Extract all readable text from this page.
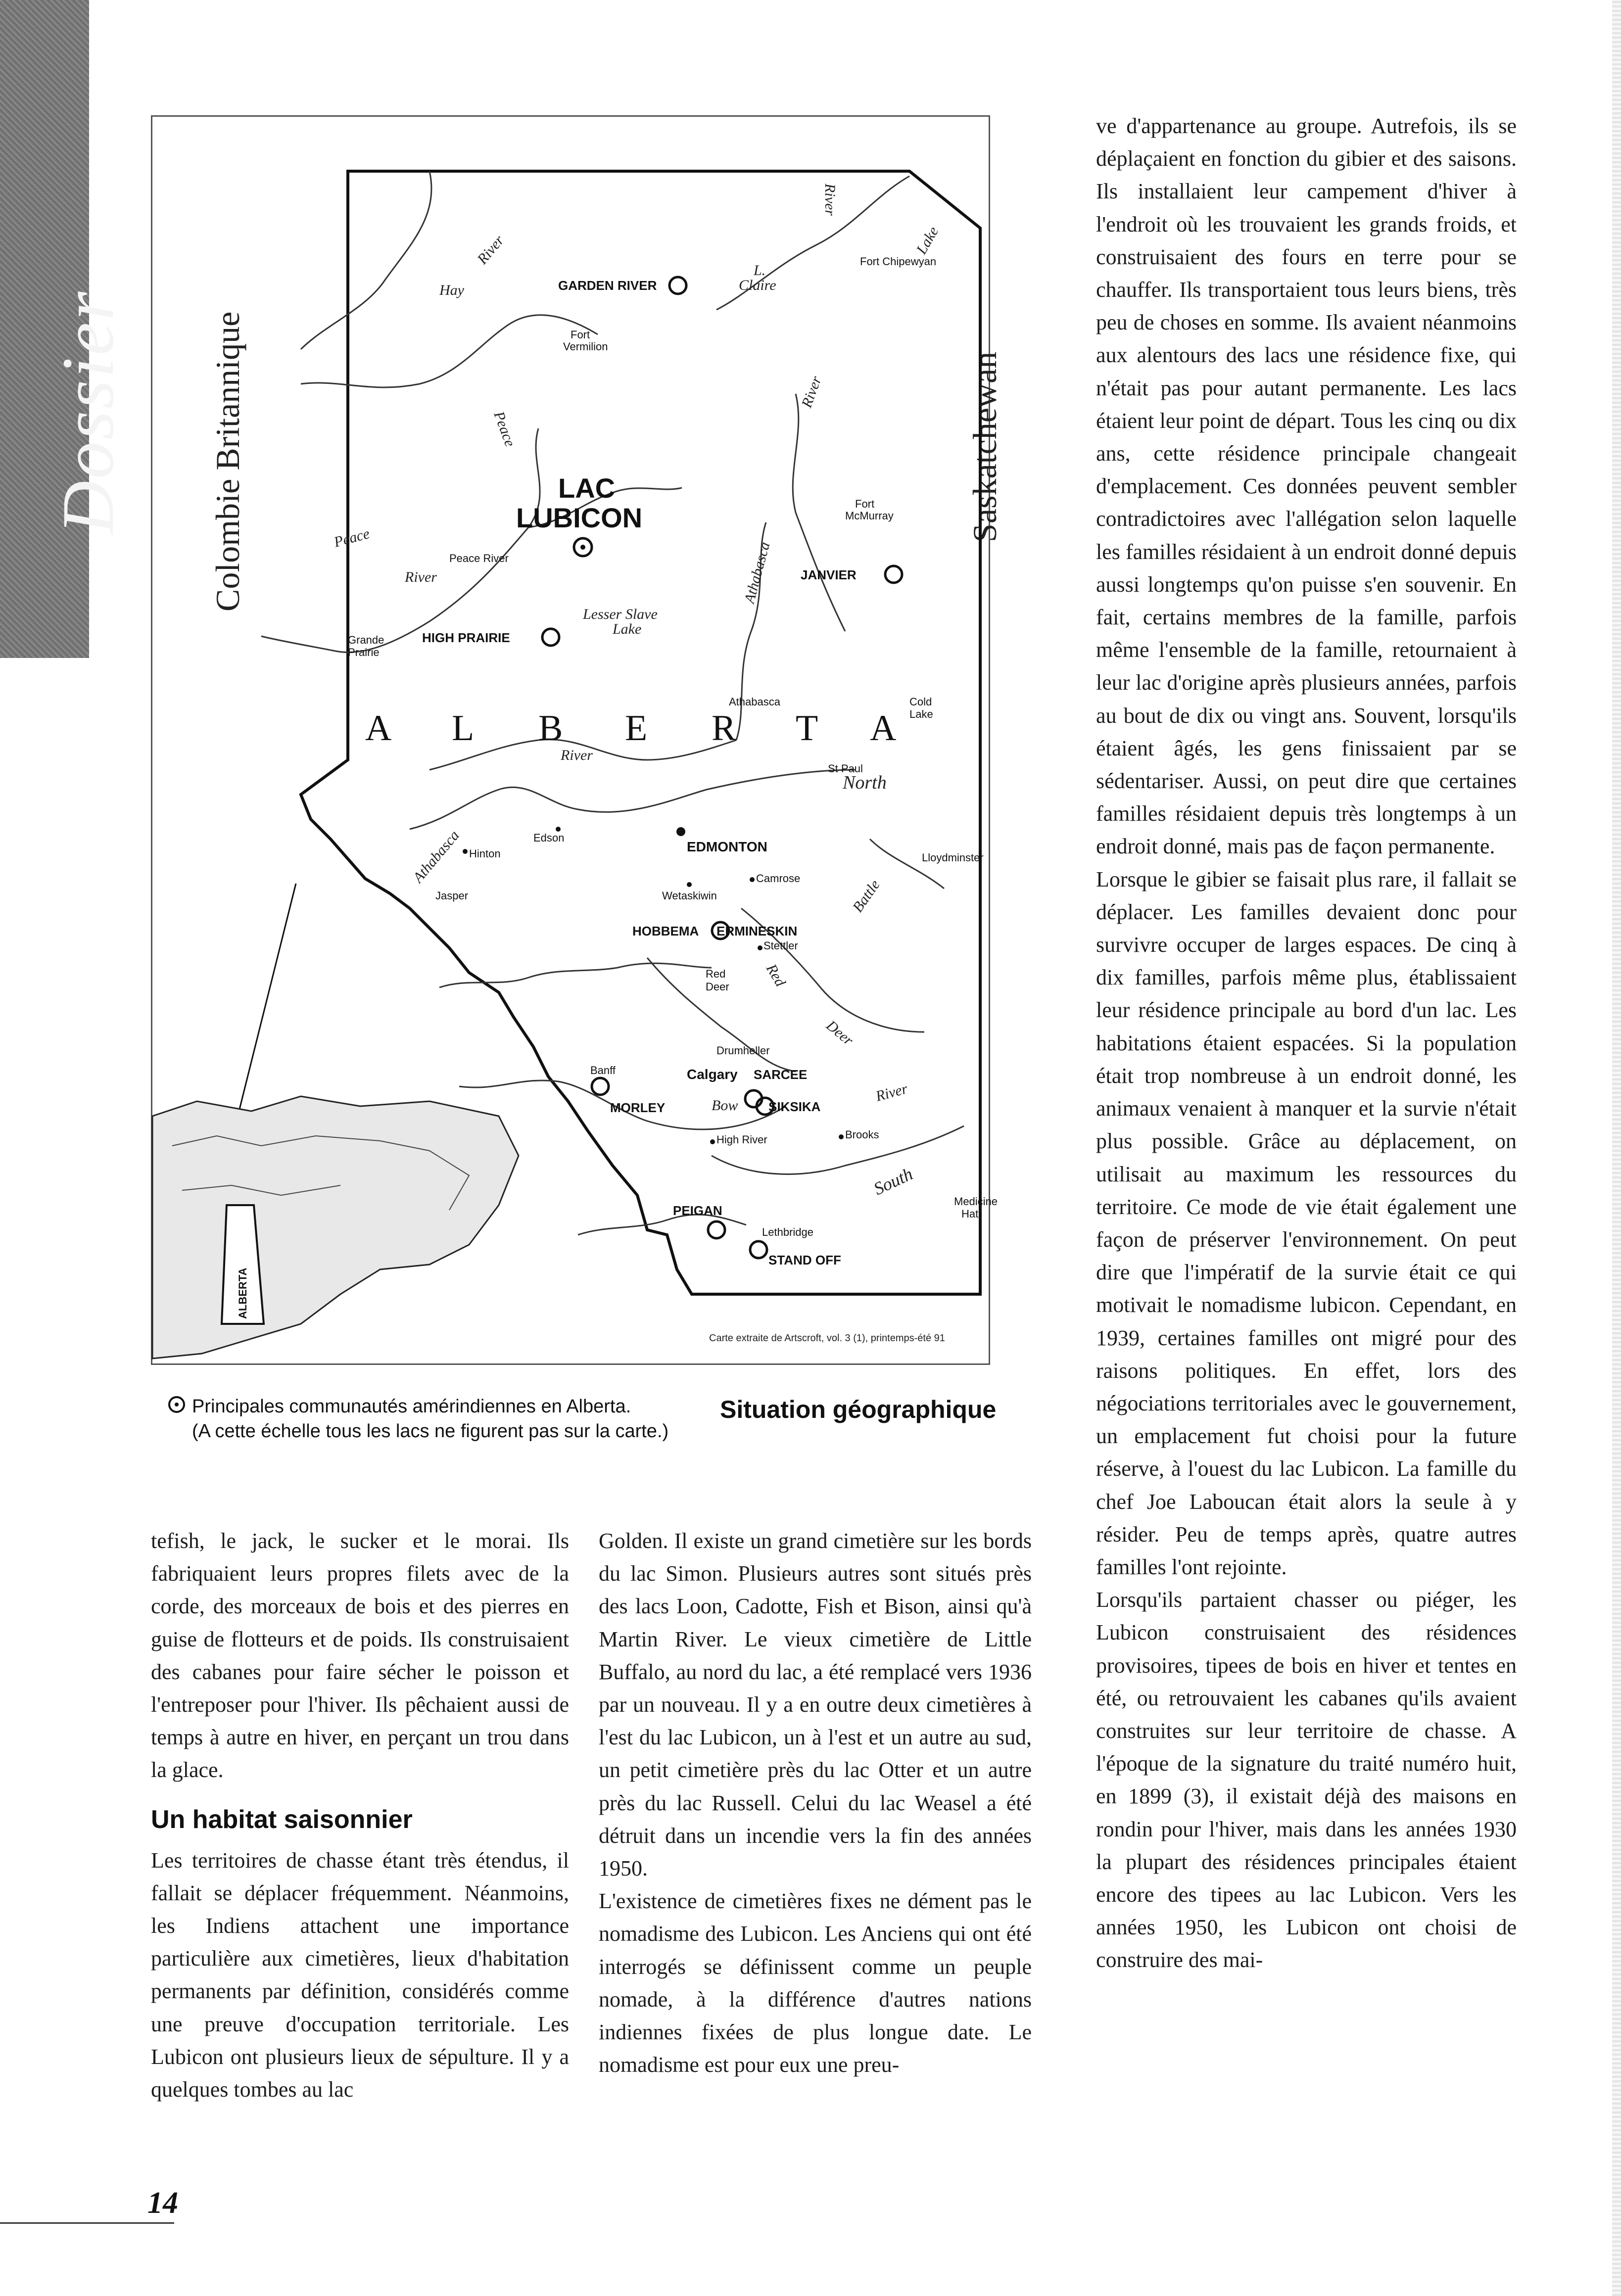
Dossier Colombie Britannique	Saskatchewan
ALBERTA
A L B E R T A
LAC
LUBICON
GARDEN RIVER
JANVIER
HIGH PRAIRIE
HOBBEMA ERMINESKIN
SARCEE
SIKSIKA
MORLEY
PEIGAN
STAND OFF
Fort
Vermilion
Fort Chipewyan
Fort
McMurray
Peace River
Grande
Prairie
Athabasca	Cold
Lake
St Paul
Edson
Hinton
Jasper
EDMONTON
Lloydminster
Camrose
Wetaskiwin
Stettler
Red
Deer
Drumheller
Calgary
Banff
High River	Brooks
Medicine
Hat
Lethbridge
Hay
River
River
L.
Claire
Lake
River
Peace
Peace
River	Athabasca
Lesser Slave
Lake
River
North
Athabasca
Battle
Red
Deer
River
Bow
South
Carte extraite de Artscroft, vol. 3 (1), printemps-été 91
Principales communautés amérindiennes en Alberta.
(A cette échelle tous les lacs ne figurent pas sur la carte.)
Situation géographique

tefish, le jack, le sucker et le morai. Ils fabriquaient leurs propres filets avec de la corde, des morceaux de bois et des pierres en guise de flotteurs et de poids. Ils construisaient des cabanes pour faire sécher le poisson et l'entreposer pour l'hiver. Ils pêchaient aussi de temps à autre en hiver, en perçant un trou dans la glace.

Un habitat saisonnier

Les territoires de chasse étant très étendus, il fallait se déplacer fréquemment. Néanmoins, les Indiens attachent une importance particulière aux cimetières, lieux d'habitation permanents par définition, considérés comme une preuve d'occupation territoriale. Les Lubicon ont plusieurs lieux de sépulture. Il y a quelques tombes au lac

Golden. Il existe un grand cimetière sur les bords du lac Simon. Plusieurs autres sont situés près des lacs Loon, Cadotte, Fish et Bison, ainsi qu'à Martin River. Le vieux cimetière de Little Buffalo, au nord du lac, a été remplacé vers 1936 par un nouveau. Il y a en outre deux cimetières à l'est du lac Lubicon, un à l'est et un autre au sud, un petit cimetière près du lac Otter et un autre près du lac Russell. Celui du lac Weasel a été détruit dans un incendie vers la fin des années 1950.

L'existence de cimetières fixes ne dément pas le nomadisme des Lubicon. Les Anciens qui ont été interrogés se définissent comme un peuple nomade, à la différence d'autres nations indiennes fixées de plus longue date. Le nomadisme est pour eux une preu-

ve d'appartenance au groupe. Autrefois, ils se déplaçaient en fonction du gibier et des saisons. Ils installaient leur campement d'hiver à l'endroit où les trouvaient les grands froids, et construisaient des fours en terre pour se chauffer. Ils transportaient tous leurs biens, très peu de choses en somme. Ils avaient néanmoins aux alentours des lacs une résidence fixe, qui n'était pas pour autant permanente. Les lacs étaient leur point de départ. Tous les cinq ou dix ans, cette résidence principale changeait d'emplacement. Ces données peuvent sembler contradictoires avec l'allégation selon laquelle les familles résidaient à un endroit donné depuis aussi longtemps qu'on puisse s'en souvenir. En fait, certains membres de la famille, parfois même l'ensemble de la famille, retournaient à leur lac d'origine après plusieurs années, parfois au bout de dix ou vingt ans. Souvent, lorsqu'ils étaient âgés, les gens finissaient par se sédentariser. Aussi, on peut dire que certaines familles résidaient depuis très longtemps à un endroit donné, mais pas de façon permanente.

Lorsque le gibier se faisait plus rare, il fallait se déplacer. Les familles devaient donc pour survivre occuper de larges espaces. De cinq à dix familles, parfois même plus, établissaient leur résidence principale au bord d'un lac. Les habitations étaient espacées. Si la population était trop nombreuse à un endroit donné, les animaux venaient à manquer et la survie n'était plus possible. Grâce au déplacement, on utilisait au maximum les ressources du territoire. Ce mode de vie était également une façon de préserver l'environnement. On peut dire que l'impératif de la survie était ce qui motivait le nomadisme lubicon. Cependant, en 1939, certaines familles ont migré pour des raisons politiques. En effet, lors des négociations territoriales avec le gouvernement, un emplacement fut choisi pour la future réserve, à l'ouest du lac Lubicon. La famille du chef Joe Laboucan était alors la seule à y résider. Peu de temps après, quatre autres familles l'ont rejointe.

Lorsqu'ils partaient chasser ou piéger, les Lubicon construisaient des résidences provisoires, tipees de bois en hiver et tentes en été, ou retrouvaient les cabanes qu'ils avaient construites sur leur territoire de chasse. A l'époque de la signature du traité numéro huit, en 1899 (3), il existait déjà des maisons en rondin pour l'hiver, mais dans les années 1930 la plupart des résidences principales étaient encore des tipees au lac Lubicon. Vers les années 1950, les Lubicon ont choisi de construire des mai-

14
